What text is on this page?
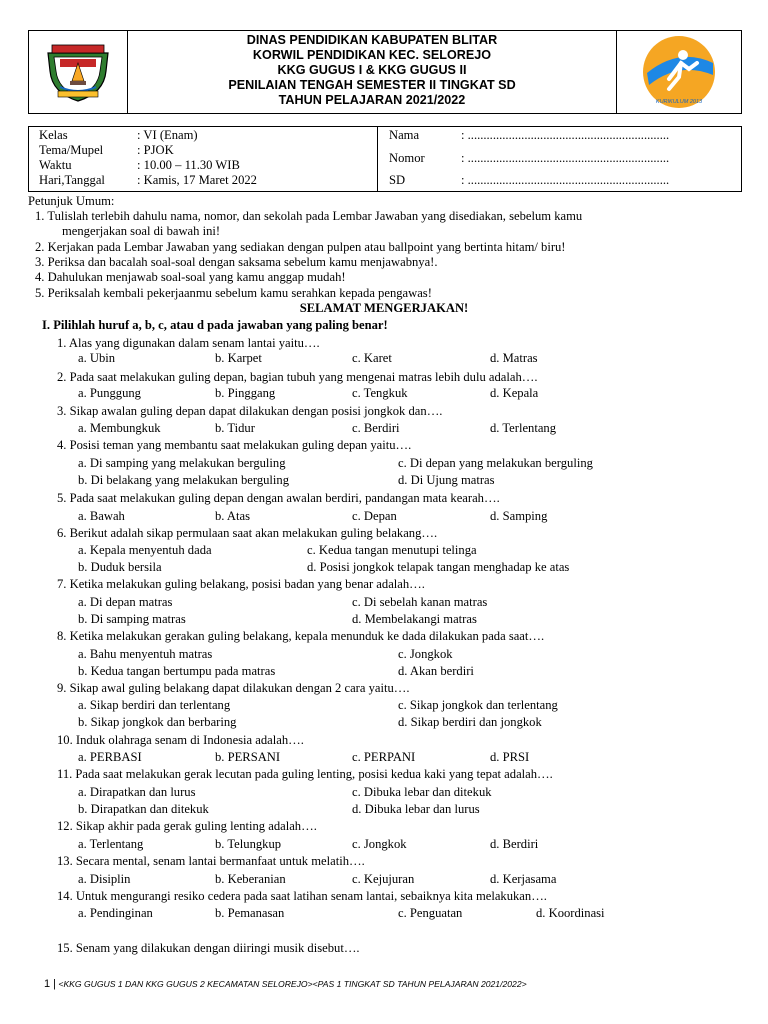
DINAS PENDIDIKAN KABUPATEN BLITAR
KORWIL PENDIDIKAN KEC. SELOREJO
KKG GUGUS I & KKG GUGUS II
PENILAIAN TENGAH SEMESTER II TINGKAT SD
TAHUN PELAJARAN 2021/2022	KURIKULUM 2013
Kelas	: VI (Enam)
Tema/Mupel	: PJOK
Waktu	: 10.00 – 11.30 WIB
Hari,Tanggal	: Kamis, 17 Maret 2022
Nama	: ................................................................
Nomor	: ................................................................
SD	: ................................................................
Petunjuk Umum:
1. Tulislah terlebih dahulu nama, nomor, dan sekolah pada Lembar Jawaban yang disediakan, sebelum kamu
mengerjakan soal di bawah ini!
2. Kerjakan pada Lembar Jawaban yang sediakan dengan pulpen atau ballpoint yang bertinta hitam/ biru!
3. Periksa dan bacalah soal-soal dengan saksama sebelum kamu menjawabnya!.
4. Dahulukan menjawab soal-soal yang kamu anggap mudah!
5. Periksalah kembali pekerjaanmu sebelum kamu serahkan kepada pengawas!
SELAMAT MENGERJAKAN!
I. Pilihlah huruf a, b, c, atau d pada jawaban yang paling benar!
1. Alas yang digunakan dalam senam lantai yaitu….
a. Ubin	b. Karpet	c. Karet	d. Matras
2. Pada saat melakukan guling depan, bagian tubuh yang mengenai matras lebih dulu adalah….
a. Punggung	b. Pinggang	c. Tengkuk	d. Kepala
3. Sikap awalan guling depan dapat dilakukan dengan posisi jongkok dan….
a. Membungkuk	b. Tidur	c. Berdiri	d. Terlentang
4. Posisi teman yang membantu saat melakukan guling depan yaitu….
a. Di samping yang melakukan berguling	c. Di depan yang melakukan berguling
b. Di belakang yang melakukan berguling	d. Di Ujung matras
5. Pada saat melakukan guling depan dengan awalan berdiri, pandangan mata kearah….
a. Bawah	b. Atas	c. Depan	d. Samping
6. Berikut adalah sikap permulaan saat akan melakukan guling belakang….
a. Kepala menyentuh dada	c. Kedua tangan menutupi telinga
b. Duduk bersila	d. Posisi jongkok telapak tangan menghadap ke atas
7. Ketika melakukan guling belakang, posisi badan yang benar adalah….
a. Di depan matras	c. Di sebelah kanan matras
b. Di samping matras	d. Membelakangi matras
8. Ketika melakukan gerakan guling belakang, kepala menunduk ke dada dilakukan pada saat….
a. Bahu menyentuh matras	c. Jongkok
b. Kedua tangan bertumpu pada matras	d. Akan berdiri
9. Sikap awal guling belakang dapat dilakukan dengan 2 cara yaitu….
a. Sikap berdiri dan terlentang	c. Sikap jongkok dan terlentang
b. Sikap jongkok dan berbaring	d. Sikap berdiri dan jongkok
10. Induk olahraga senam di Indonesia adalah….
a. PERBASI	b. PERSANI	c. PERPANI	d. PRSI
11. Pada saat melakukan gerak lecutan pada guling lenting, posisi kedua kaki yang tepat adalah….
a. Dirapatkan dan lurus	c. Dibuka lebar dan ditekuk
b. Dirapatkan dan ditekuk	d. Dibuka lebar dan lurus
12. Sikap akhir pada gerak guling lenting adalah….
a. Terlentang	b. Telungkup	c. Jongkok	d. Berdiri
13. Secara mental, senam lantai bermanfaat untuk melatih….
a. Disiplin	b. Keberanian	c. Kejujuran	d. Kerjasama
14. Untuk mengurangi resiko cedera pada saat latihan senam lantai, sebaiknya kita melakukan….
a. Pendinginan	b. Pemanasan	c. Penguatan	d. Koordinasi
15. Senam yang dilakukan dengan diiringi musik disebut….
1 | <KKG GUGUS 1 DAN KKG GUGUS 2 KECAMATAN SELOREJO><PAS 1 TINGKAT SD TAHUN PELAJARAN 2021/2022>
